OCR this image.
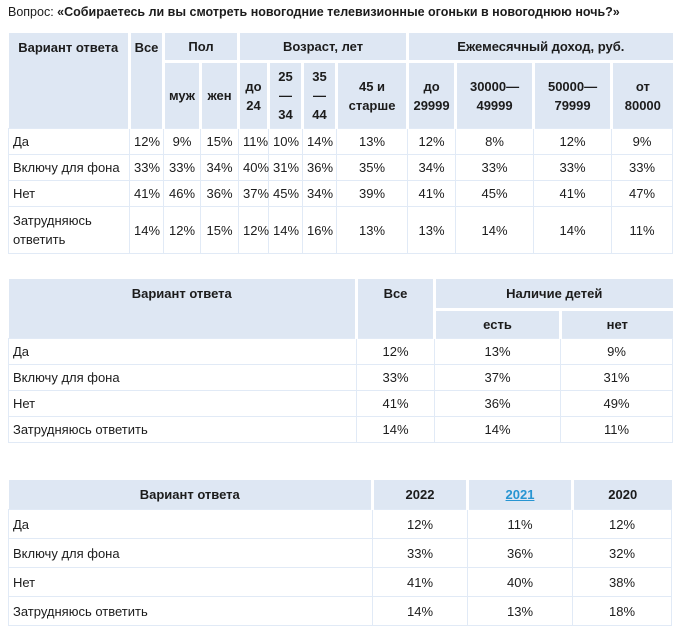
Вопрос: «Собираетесь ли вы смотреть новогодние телевизионные огоньки в новогоднюю ночь?»

Вариант ответа	Все	Пол		Возраст, лет				Ежемесячный доход, руб.			
		муж	жен	до 24	25—34	35—44	45 и старше	до 29999	30000—49999	50000—79999	от 80000
Да	12%	9%	15%	11%	10%	14%	13%	12%	8%	12%	9%
Включу для фона	33%	33%	34%	40%	31%	36%	35%	34%	33%	33%	33%
Нет	41%	46%	36%	37%	45%	34%	39%	41%	45%	41%	47%
Затрудняюсь ответить	14%	12%	15%	12%	14%	16%	13%	13%	14%	14%	11%
Вариант ответа	Все	Наличие детей	
		есть	нет
Да	12%	13%	9%
Включу для фона	33%	37%	31%
Нет	41%	36%	49%
Затрудняюсь ответить	14%	14%	11%
Вариант ответа	2022	2021	2020
Да	12%	11%	12%
Включу для фона	33%	36%	32%
Нет	41%	40%	38%
Затрудняюсь ответить	14%	13%	18%
